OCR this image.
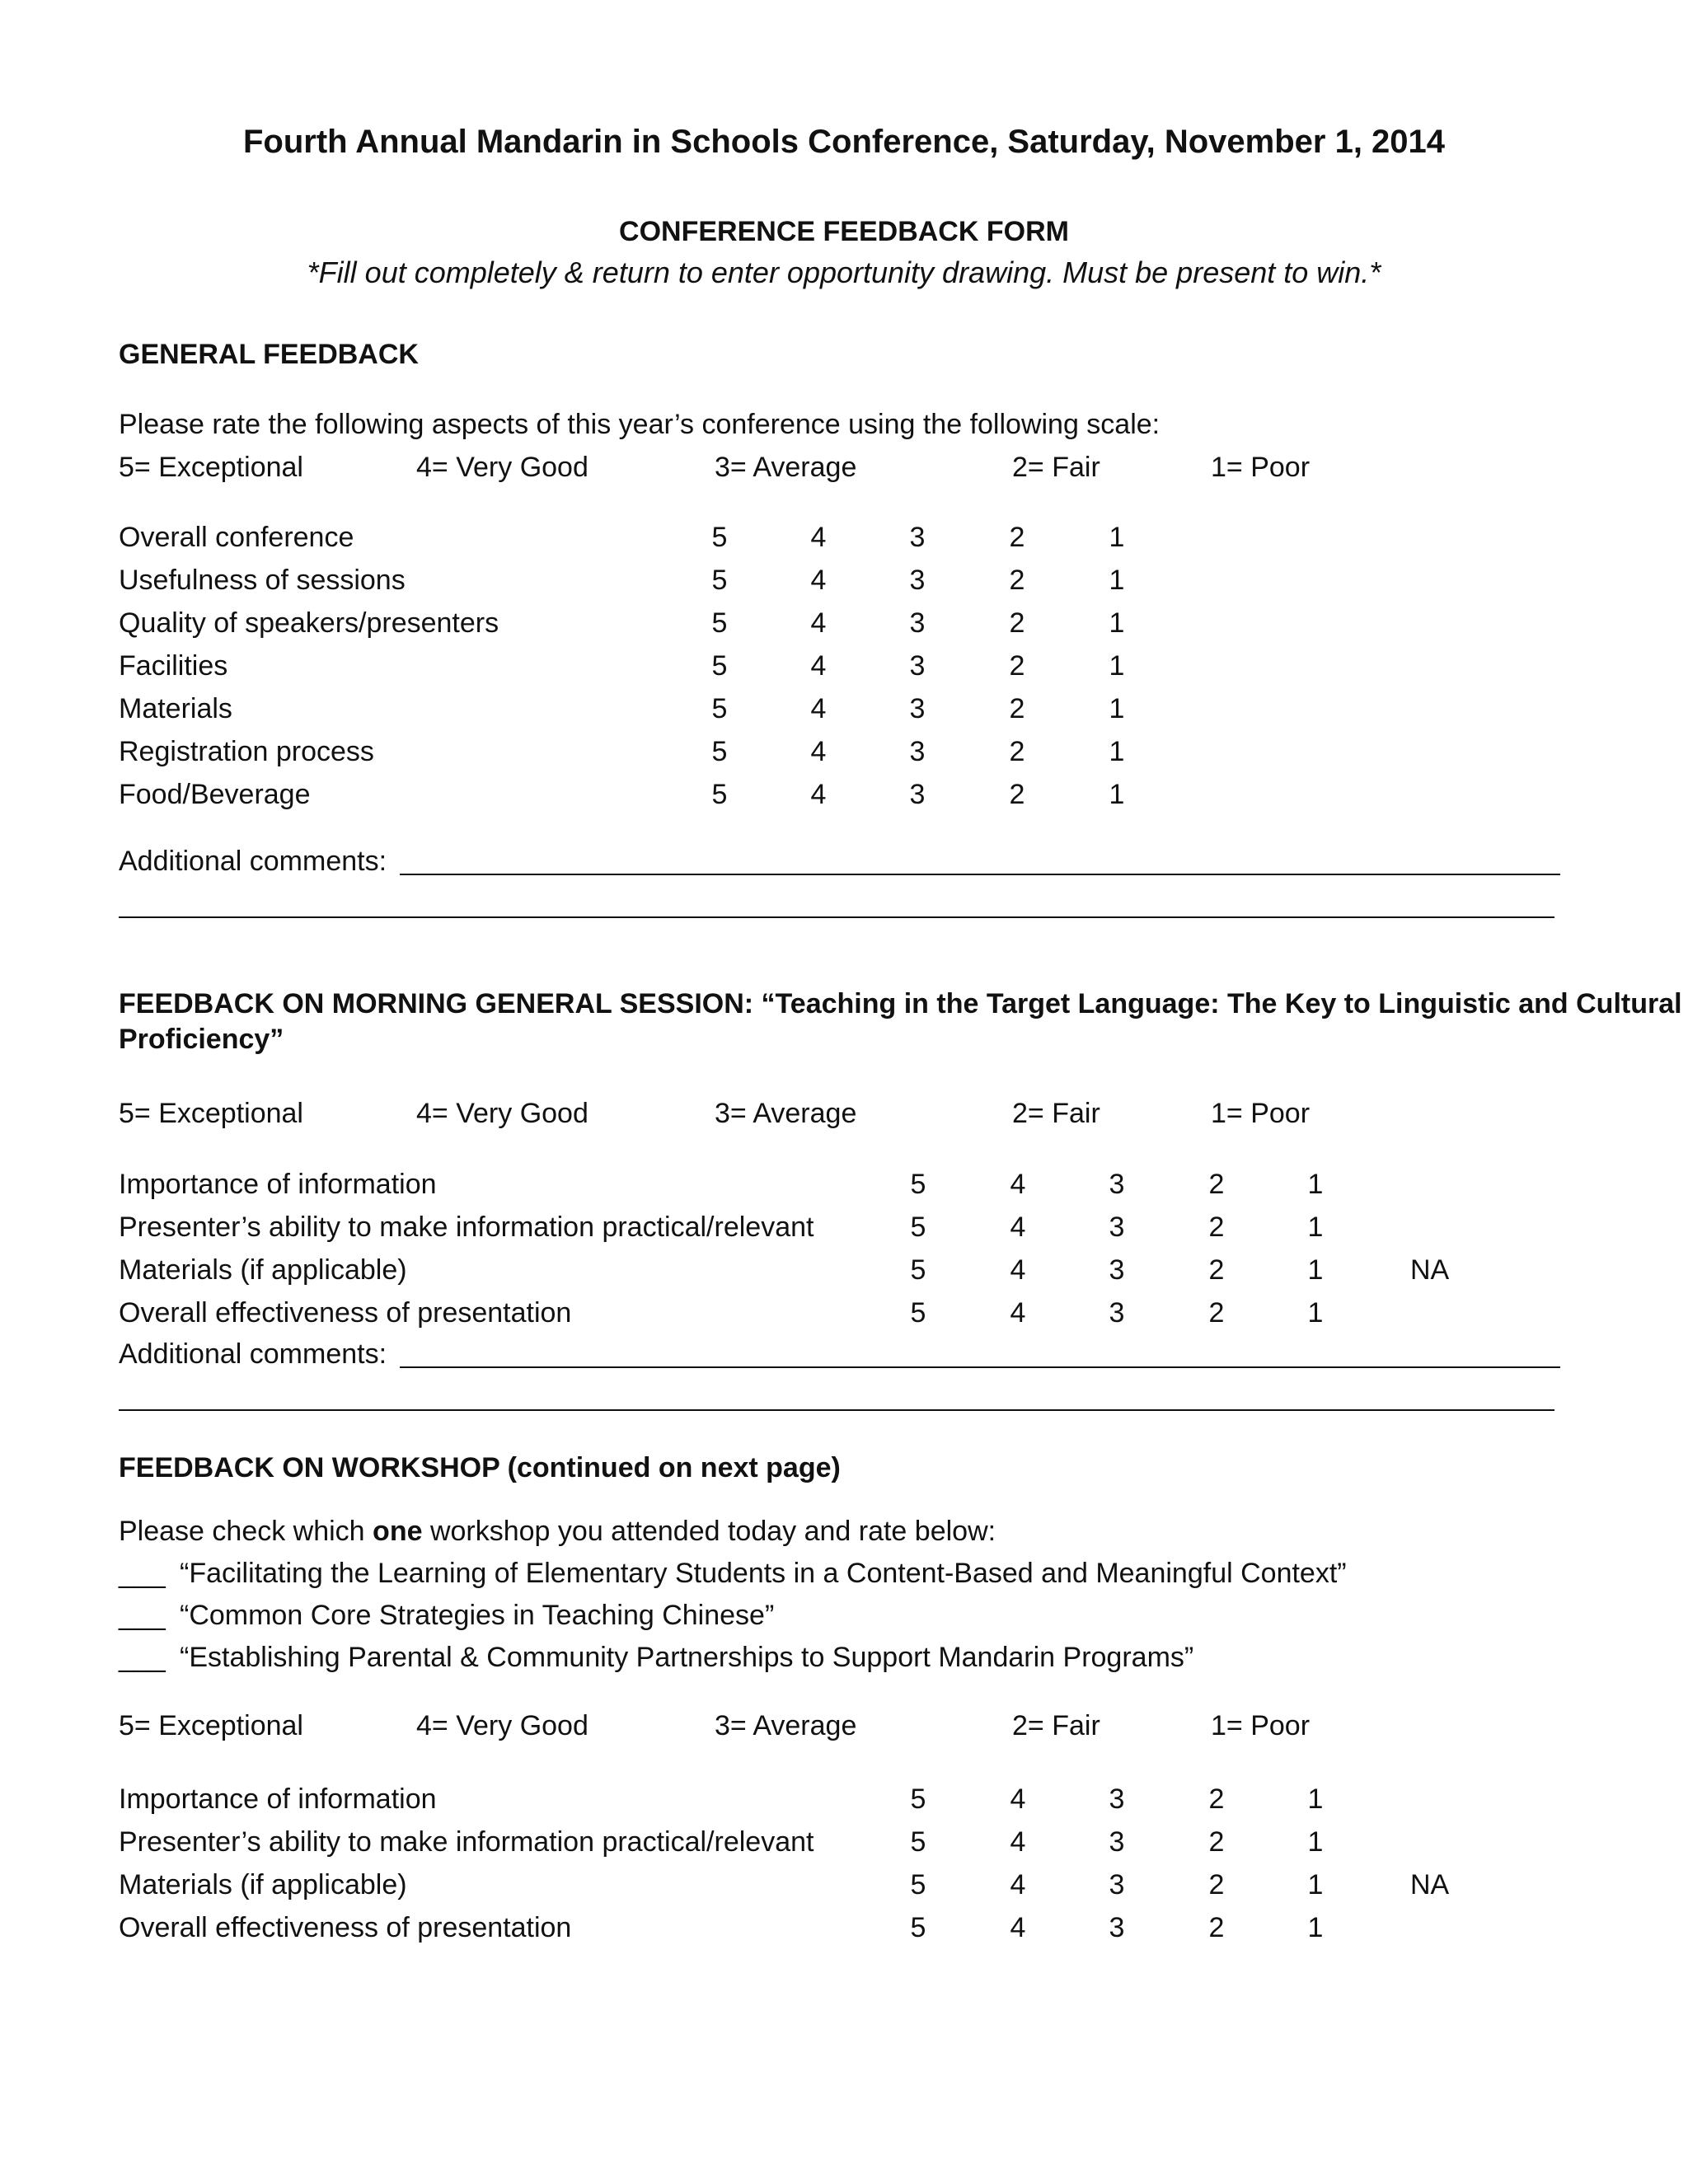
Fourth Annual Mandarin in Schools Conference, Saturday, November 1, 2014
CONFERENCE FEEDBACK FORM
*Fill out completely & return to enter opportunity drawing. Must be present to win.*
GENERAL FEEDBACK
Please rate the following aspects of this year’s conference using the following scale:
5= Exceptional	4= Very Good	3= Average	2= Fair	1= Poor
Overall conference	5	4	3	2	1
Usefulness of sessions	5	4	3	2	1
Quality of speakers/presenters	5	4	3	2	1
Facilities	5	4	3	2	1
Materials	5	4	3	2	1
Registration process	5	4	3	2	1
Food/Beverage	5	4	3	2	1
Additional comments:
FEEDBACK ON MORNING GENERAL SESSION: “Teaching in the Target Language: The Key to Linguistic and Cultural
Proficiency”
5= Exceptional	4= Very Good	3= Average	2= Fair	1= Poor
Importance of information	5	4	3	2	1
Presenter’s ability to make information practical/relevant	5	4	3	2	1
Materials (if applicable)	5	4	3	2	1	NA
Overall effectiveness of presentation	5	4	3	2	1
Additional comments:
FEEDBACK ON WORKSHOP (continued on next page)
Please check which one workshop you attended today and rate below:
___ “Facilitating the Learning of Elementary Students in a Content-Based and Meaningful Context”
___ “Common Core Strategies in Teaching Chinese”
___ “Establishing Parental & Community Partnerships to Support Mandarin Programs”
5= Exceptional	4= Very Good	3= Average	2= Fair	1= Poor
Importance of information	5	4	3	2	1
Presenter’s ability to make information practical/relevant	5	4	3	2	1
Materials (if applicable)	5	4	3	2	1	NA
Overall effectiveness of presentation	5	4	3	2	1
